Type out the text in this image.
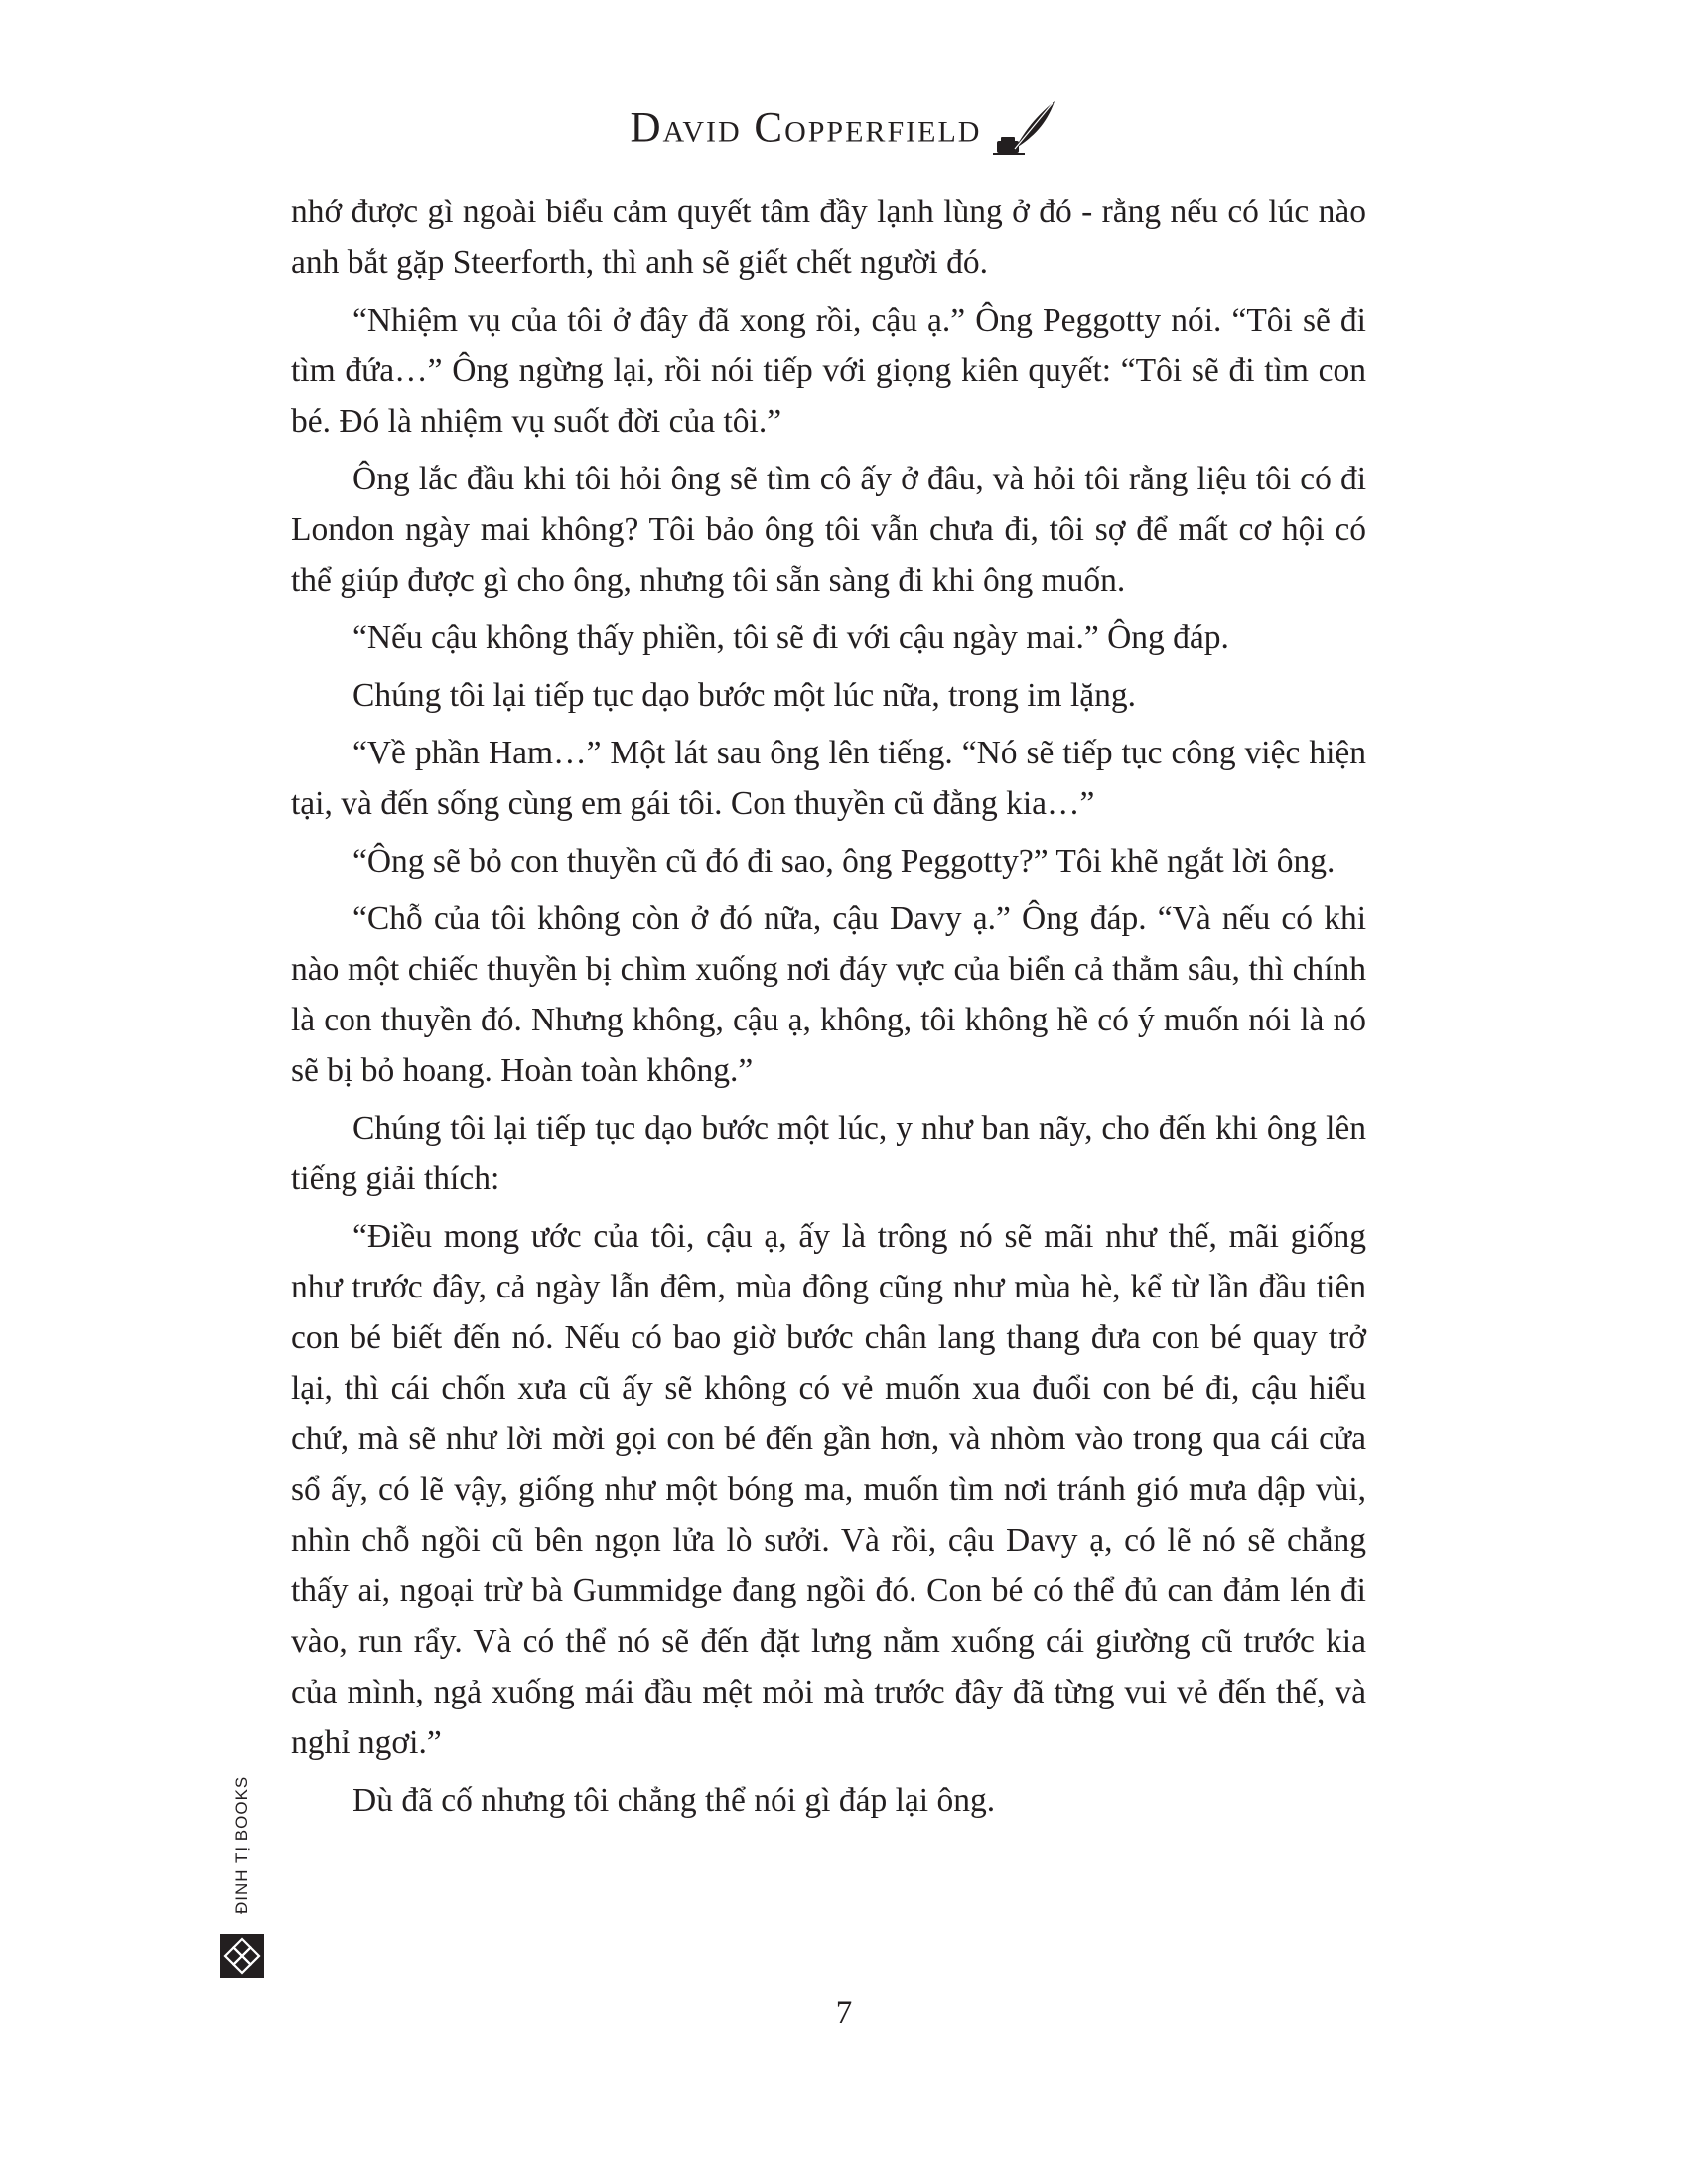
David Copperfield

nhớ được gì ngoài biểu cảm quyết tâm đầy lạnh lùng ở đó - rằng nếu có lúc nào anh bắt gặp Steerforth, thì anh sẽ giết chết người đó.

“Nhiệm vụ của tôi ở đây đã xong rồi, cậu ạ.” Ông Peggotty nói. “Tôi sẽ đi tìm đứa…” Ông ngừng lại, rồi nói tiếp với giọng kiên quyết: “Tôi sẽ đi tìm con bé. Đó là nhiệm vụ suốt đời của tôi.”

Ông lắc đầu khi tôi hỏi ông sẽ tìm cô ấy ở đâu, và hỏi tôi rằng liệu tôi có đi London ngày mai không? Tôi bảo ông tôi vẫn chưa đi, tôi sợ để mất cơ hội có thể giúp được gì cho ông, nhưng tôi sẵn sàng đi khi ông muốn.

“Nếu cậu không thấy phiền, tôi sẽ đi với cậu ngày mai.” Ông đáp.

Chúng tôi lại tiếp tục dạo bước một lúc nữa, trong im lặng.

“Về phần Ham…” Một lát sau ông lên tiếng. “Nó sẽ tiếp tục công việc hiện tại, và đến sống cùng em gái tôi. Con thuyền cũ đằng kia…”

“Ông sẽ bỏ con thuyền cũ đó đi sao, ông Peggotty?” Tôi khẽ ngắt lời ông.

“Chỗ của tôi không còn ở đó nữa, cậu Davy ạ.” Ông đáp. “Và nếu có khi nào một chiếc thuyền bị chìm xuống nơi đáy vực của biển cả thẳm sâu, thì chính là con thuyền đó. Nhưng không, cậu ạ, không, tôi không hề có ý muốn nói là nó sẽ bị bỏ hoang. Hoàn toàn không.”

Chúng tôi lại tiếp tục dạo bước một lúc, y như ban nãy, cho đến khi ông lên tiếng giải thích:

“Điều mong ước của tôi, cậu ạ, ấy là trông nó sẽ mãi như thế, mãi giống như trước đây, cả ngày lẫn đêm, mùa đông cũng như mùa hè, kể từ lần đầu tiên con bé biết đến nó. Nếu có bao giờ bước chân lang thang đưa con bé quay trở lại, thì cái chốn xưa cũ ấy sẽ không có vẻ muốn xua đuổi con bé đi, cậu hiểu chứ, mà sẽ như lời mời gọi con bé đến gần hơn, và nhòm vào trong qua cái cửa sổ ấy, có lẽ vậy, giống như một bóng ma, muốn tìm nơi tránh gió mưa dập vùi, nhìn chỗ ngồi cũ bên ngọn lửa lò sưởi. Và rồi, cậu Davy ạ, có lẽ nó sẽ chẳng thấy ai, ngoại trừ bà Gummidge đang ngồi đó. Con bé có thể đủ can đảm lén đi vào, run rẩy. Và có thể nó sẽ đến đặt lưng nằm xuống cái giường cũ trước kia của mình, ngả xuống mái đầu mệt mỏi mà trước đây đã từng vui vẻ đến thế, và nghỉ ngơi.”

Dù đã cố nhưng tôi chẳng thể nói gì đáp lại ông.

7
ĐINH TỊ BOOKS
